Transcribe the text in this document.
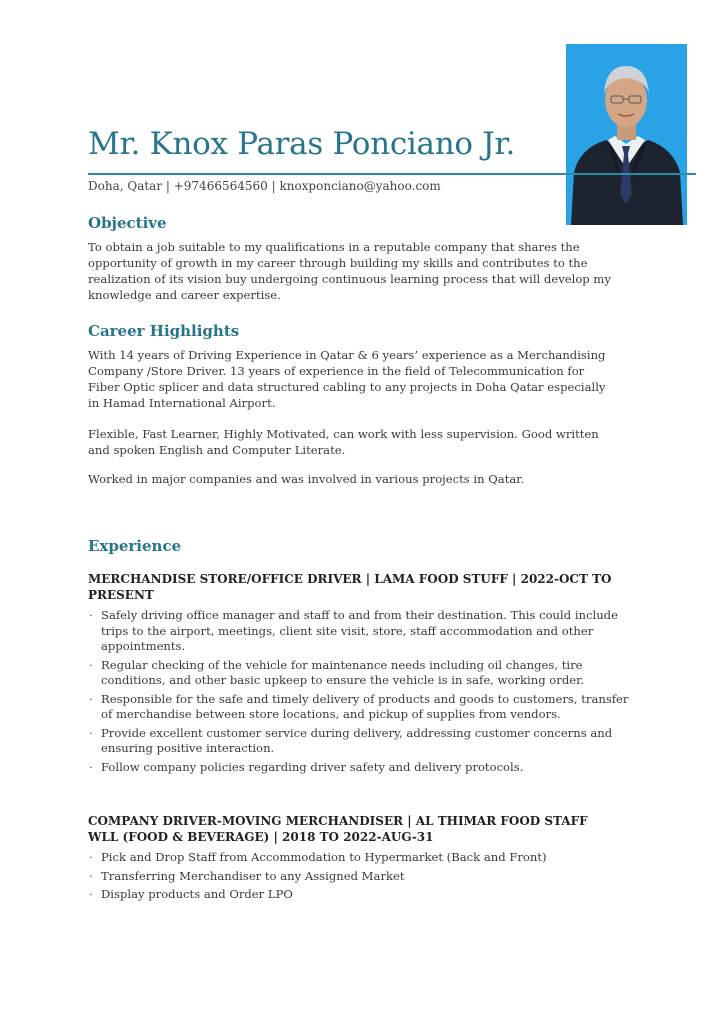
Mr. Knox Paras Ponciano Jr.
Doha, Qatar | +97466564560 | knoxponciano@yahoo.com
Objective

To obtain a job suitable to my qualifications in a reputable company that shares the opportunity of growth in my career through building my skills and contributes to the realization of its vision buy undergoing continuous learning process that will develop my knowledge and career expertise.

Career Highlights

With 14 years of Driving Experience in Qatar & 6 years’ experience as a Merchandising Company /Store Driver. 13 years of experience in the field of Telecommunication for Fiber Optic splicer and data structured cabling to any projects in Doha Qatar especially in Hamad International Airport.

Flexible, Fast Learner, Highly Motivated, can work with less supervision. Good written and spoken English and Computer Literate.

Worked in major companies and was involved in various projects in Qatar.

Experience

MERCHANDISE STORE/OFFICE DRIVER | LAMA FOOD STUFF | 2022-OCT TO PRESENT

· Safely driving office manager and staff to and from their destination. This could include trips to the airport, meetings, client site visit, store, staff accommodation and other appointments.
· Regular checking of the vehicle for maintenance needs including oil changes, tire conditions, and other basic upkeep to ensure the vehicle is in safe, working order.
· Responsible for the safe and timely delivery of products and goods to customers, transfer of merchandise between store locations, and pickup of supplies from vendors.
· Provide excellent customer service during delivery, addressing customer concerns and ensuring positive interaction.
· Follow company policies regarding driver safety and delivery protocols.

COMPANY DRIVER-MOVING MERCHANDISER | AL THIMAR FOOD STAFF WLL (FOOD & BEVERAGE) | 2018 TO 2022-AUG-31

· Pick and Drop Staff from Accommodation to Hypermarket (Back and Front)
· Transferring Merchandiser to any Assigned Market
· Display products and Order LPO
